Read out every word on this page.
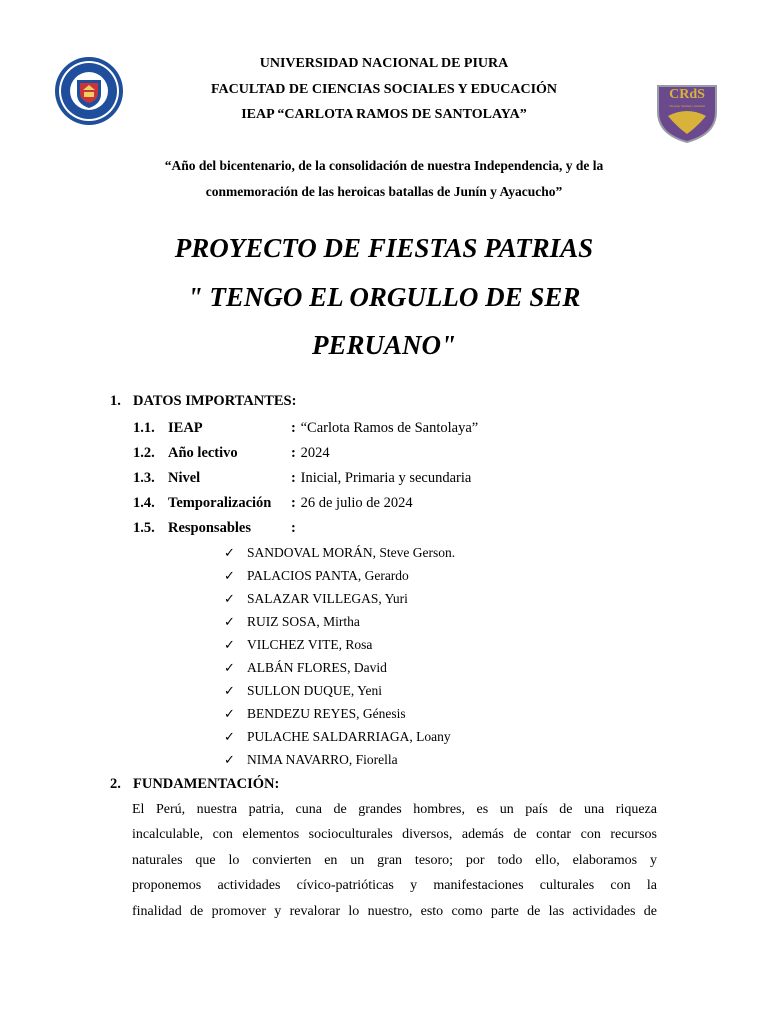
CRdS
Ciencia, Verdad y Libertad
UNIVERSIDAD NACIONAL DE PIURA
FACULTAD DE CIENCIAS SOCIALES Y EDUCACIÓN
IEAP “CARLOTA RAMOS DE SANTOLAYA”
“Año del bicentenario, de la consolidación de nuestra Independencia, y de la
conmemoración de las heroicas batallas de Junín y Ayacucho”
PROYECTO DE FIESTAS PATRIAS
" TENGO EL ORGULLO DE SER
PERUANO"
1. DATOS IMPORTANTES:
1.1. IEAP	: “Carlota Ramos de Santolaya”
1.2. Año lectivo	: 2024
1.3. Nivel	: Inicial, Primaria y secundaria
1.4. Temporalización : 26 de julio de 2024
1.5. Responsables	:
✓ SANDOVAL MORÁN, Steve Gerson.
✓ PALACIOS PANTA, Gerardo
✓ SALAZAR VILLEGAS, Yuri
✓ RUIZ SOSA, Mirtha
✓ VILCHEZ VITE, Rosa
✓ ALBÁN FLORES, David
✓ SULLON DUQUE, Yeni
✓ BENDEZU REYES, Génesis
✓ PULACHE SALDARRIAGA, Loany
✓ NIMA NAVARRO, Fiorella
2. FUNDAMENTACIÓN:
El Perú, nuestra patria, cuna de grandes hombres, es un país de una riqueza
incalculable, con elementos socioculturales diversos, además de contar con recursos
naturales que lo convierten en un gran tesoro; por todo ello, elaboramos y
proponemos actividades cívico-patrióticas y manifestaciones culturales con la
finalidad de promover y revalorar lo nuestro, esto como parte de las actividades de
